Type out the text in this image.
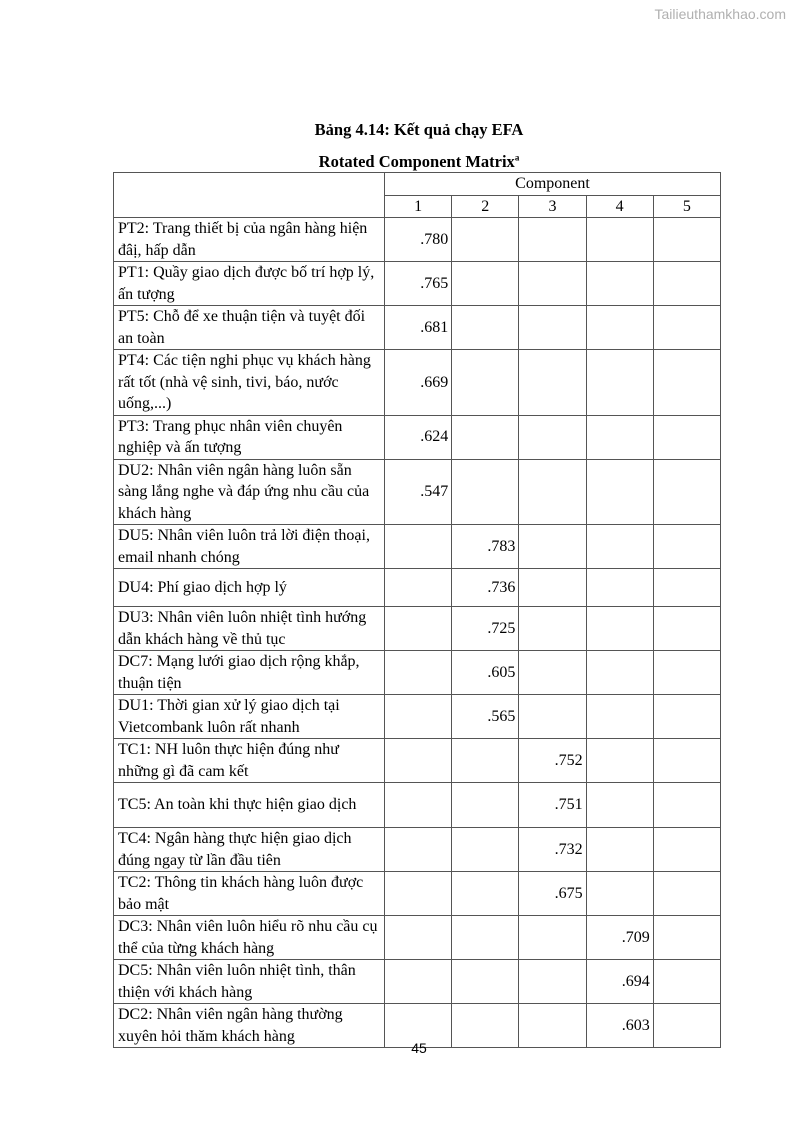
Tailieuthamkhao.com
Bảng 4.14: Kết quả chạy EFA
Rotated Component Matrix$^a$
	Component				
	1	2	3	4	5
PT2: Trang thiết bị của ngân hàng hiện đâị, hấp dẫn	.780				
PT1: Quầy giao dịch được bố trí hợp lý, ấn tượng	.765				
PT5: Chỗ để xe thuận tiện và tuyệt đối an toàn	.681				
PT4: Các tiện nghi phục vụ khách hàng rất tốt (nhà vệ sinh, tivi, báo, nước uống,...)	.669				
PT3: Trang phục nhân viên chuyên nghiệp và ấn tượng	.624				
DU2: Nhân viên ngân hàng luôn sẵn sàng lắng nghe và đáp ứng nhu cầu của khách hàng	.547				
DU5: Nhân viên luôn trả lời điện thoại, email nhanh chóng		.783			
DU4: Phí giao dịch hợp lý		.736			
DU3: Nhân viên luôn nhiệt tình hướng dẫn khách hàng về thủ tục		.725			
DC7: Mạng lưới giao dịch rộng khắp, thuận tiện		.605			
DU1: Thời gian xử lý giao dịch tại Vietcombank luôn rất nhanh		.565			
TC1: NH luôn thực hiện đúng như những gì đã cam kết			.752		
TC5: An toàn khi thực hiện giao dịch			.751		
TC4: Ngân hàng thực hiện giao dịch đúng ngay từ lần đầu tiên			.732		
TC2: Thông tin khách hàng luôn được bảo mật			.675		
DC3: Nhân viên luôn hiểu rõ nhu cầu cụ thể của từng khách hàng				.709	
DC5: Nhân viên luôn nhiệt tình, thân thiện với khách hàng				.694	
DC2: Nhân viên ngân hàng thường xuyên hỏi thăm khách hàng				.603	
45
